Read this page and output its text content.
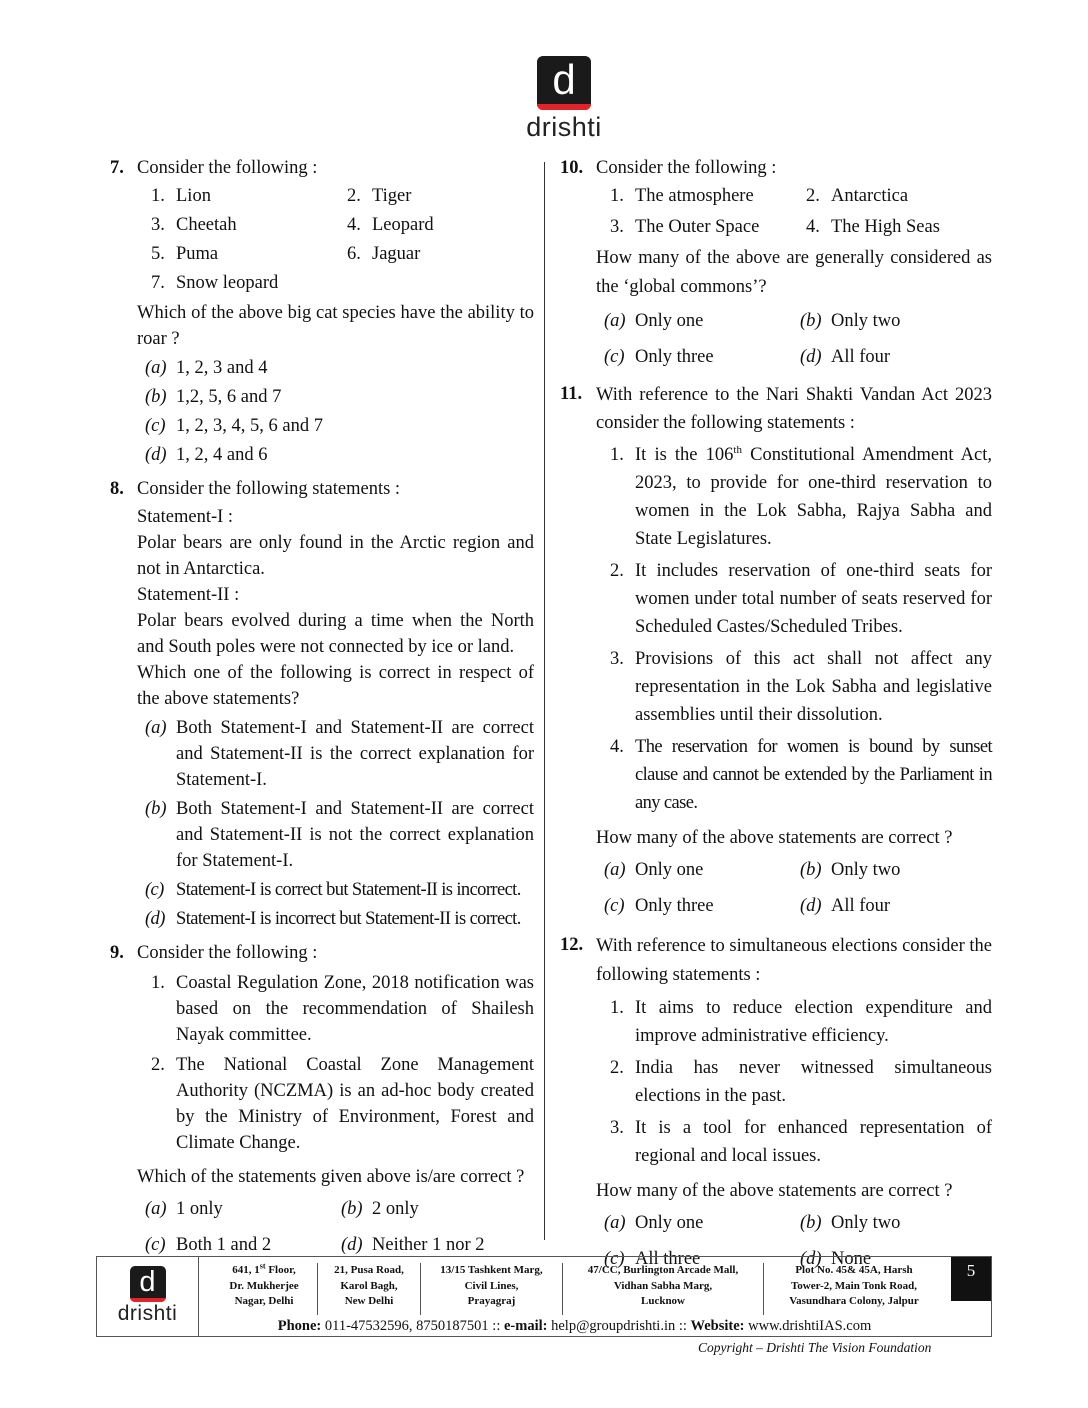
d
drishti
7. Consider the following :
1. Lion	2. Tiger
3. Cheetah	4. Leopard
5. Puma	6. Jaguar
7. Snow leopard
Which of the above big cat species have the ability to roar ?
(a) 1, 2, 3 and 4
(b) 1,2, 5, 6 and 7
(c) 1, 2, 3, 4, 5, 6 and 7
(d) 1, 2, 4 and 6
8. Consider the following statements :
Statement-I :
Polar bears are only found in the Arctic region and not in Antarctica.
Statement-II :
Polar bears evolved during a time when the North and South poles were not connected by ice or land.
Which one of the following is correct in respect of the above statements?
(a) Both Statement-I and Statement-II are correct and Statement-II is the correct explanation for Statement-I.
(b) Both Statement-I and Statement-II are correct and Statement-II is not the correct explanation for Statement-I.
(c) Statement-I is correct but Statement-II is incorrect.
(d) Statement-I is incorrect but Statement-II is correct.
9. Consider the following :
1. Coastal Regulation Zone, 2018 notification was based on the recommendation of Shailesh Nayak committee.
2. The National Coastal Zone Management Authority (NCZMA) is an ad-hoc body created by the Ministry of Environment, Forest and Climate Change.
Which of the statements given above is/are correct ?
(a) 1 only	(b) 2 only
(c) Both 1 and 2	(d) Neither 1 nor 2
10. Consider the following :
1. The atmosphere	2. Antarctica
3. The Outer Space	4. The High Seas
How many of the above are generally considered as the ‘global commons’?
(a) Only one	(b) Only two
(c) Only three	(d) All four
11. With reference to the Nari Shakti Vandan Act 2023 consider the following statements :
1. It is the 106th Constitutional Amendment Act, 2023, to provide for one-third reservation to women in the Lok Sabha, Rajya Sabha and State Legislatures.
2. It includes reservation of one-third seats for women under total number of seats reserved for Scheduled Castes/Scheduled Tribes.
3. Provisions of this act shall not affect any representation in the Lok Sabha and legislative assemblies until their dissolution.
4. The reservation for women is bound by sunset clause and cannot be extended by the Parliament in any case.
How many of the above statements are correct ?
(a) Only one	(b) Only two
(c) Only three	(d) All four
12. With reference to simultaneous elections consider the following statements :
1. It aims to reduce election expenditure and improve administrative efficiency.
2. India has never witnessed simultaneous elections in the past.
3. It is a tool for enhanced representation of regional and local issues.
How many of the above statements are correct ?
(a) Only one	(b) Only two
(c) All three	(d) None
d
drishti
641, 1st Floor,
Dr. Mukherjee
Nagar, Delhi
21, Pusa Road,
Karol Bagh,
New Delhi
13/15 Tashkent Marg,
Civil Lines,
Prayagraj
47/CC, Burlington Arcade Mall,
Vidhan Sabha Marg,
Lucknow
Plot No. 45& 45A, Harsh
Tower-2, Main Tonk Road,
Vasundhara Colony, Jalpur
5
Phone: 011-47532596, 8750187501 :: e-mail: help@groupdrishti.in :: Website: www.drishtiIAS.com
Copyright – Drishti The Vision Foundation
